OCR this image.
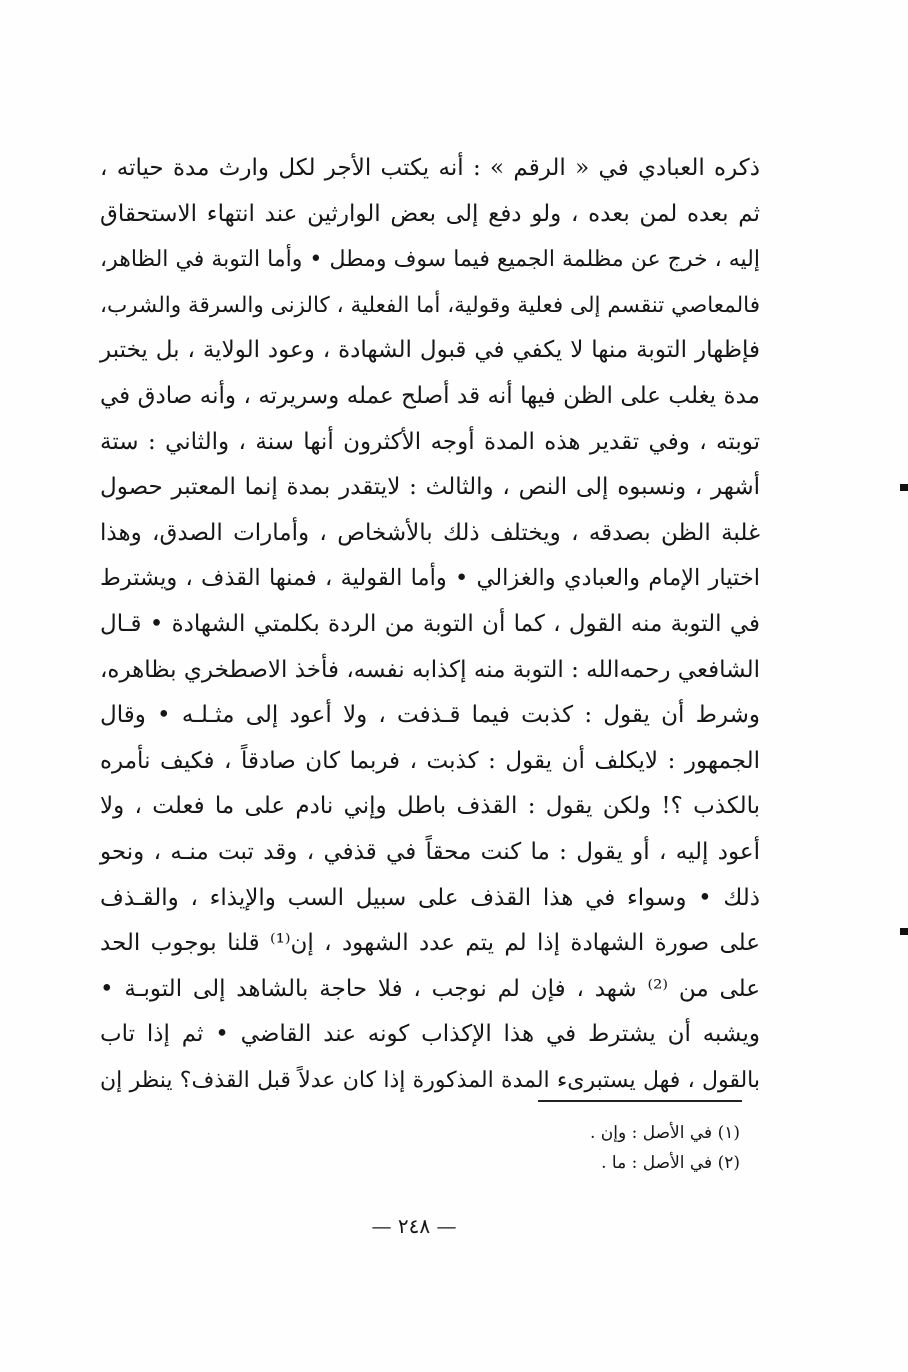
ذكره العبادي في « الرقم » : أنه يكتب الأجر لكل وارث مدة حياته ،
ثم بعده لمن بعده ، ولو دفع إلى بعض الوارثين عند انتهاء الاستحقاق
إليه ، خرج عن مظلمة الجميع فيما سوف ومطل • وأما التوبة في الظاهر،
فالمعاصي تنقسم إلى فعلية وقولية، أما الفعلية ، كالزنى والسرقة والشرب،
فإظهار التوبة منها لا يكفي في قبول الشهادة ، وعود الولاية ، بل يختبر
مدة يغلب على الظن فيها أنه قد أصلح عمله وسريرته ، وأنه صادق في
توبته ، وفي تقدير هذه المدة أوجه الأكثرون أنها سنة ، والثاني : ستة
أشهر ، ونسبوه إلى النص ، والثالث : لايتقدر بمدة إنما المعتبر حصول
غلبة الظن بصدقه ، ويختلف ذلك بالأشخاص ، وأمارات الصدق، وهذا
اختيار الإمام والعبادي والغزالي • وأما القولية ، فمنها القذف ، ويشترط
في التوبة منه القول ، كما أن التوبة من الردة بكلمتي الشهادة • قـال
الشافعي رحمه‌الله : التوبة منه إكذابه نفسه، فأخذ الاصطخري بظاهره،
وشرط أن يقول : كذبت فيما قـذفت ، ولا أعود إلى مثـلـه • وقال
الجمهور : لايكلف أن يقول : كذبت ، فربما كان صادقاً ، فكيف نأمره
بالكذب ؟! ولكن يقول : القذف باطل وإني نادم على ما فعلت ، ولا
أعود إليه ، أو يقول : ما كنت محقاً في قذفي ، وقد تبت منـه ، ونحو
ذلك • وسواء في هذا القذف على سبيل السب والإيذاء ، والقـذف
على صورة الشهادة إذا لم يتم عدد الشهود ، إن⁽¹⁾ قلنا بوجوب الحد
على من ⁽²⁾ شهد ، فإن لم نوجب ، فلا حاجة بالشاهد إلى التوبـة •
ويشبه أن يشترط في هذا الإكذاب كونه عند القاضي • ثم إذا تاب
بالقول ، فهل يستبرىء المدة المذكورة إذا كان عدلاً قبل القذف؟ ينظر إن
(١) في الأصل : وإن .
(٢) في الأصل : ما .
— ٢٤٨ —
